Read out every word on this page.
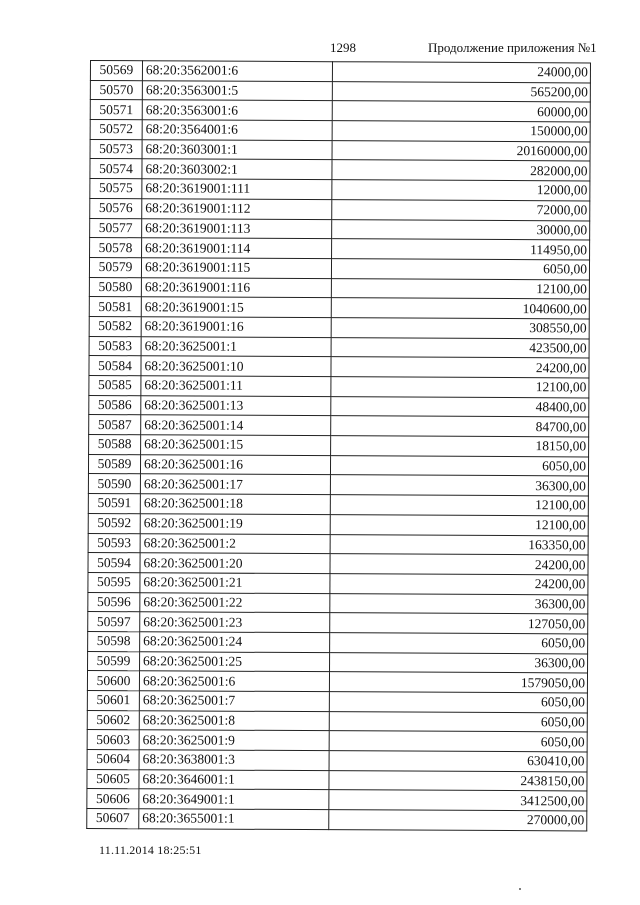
1298	Продолжение приложения №1
50569	68:20:3562001:6	24000,00
50570	68:20:3563001:5	565200,00
50571	68:20:3563001:6	60000,00
50572	68:20:3564001:6	150000,00
50573	68:20:3603001:1	20160000,00
50574	68:20:3603002:1	282000,00
50575	68:20:3619001:111	12000,00
50576	68:20:3619001:112	72000,00
50577	68:20:3619001:113	30000,00
50578	68:20:3619001:114	114950,00
50579	68:20:3619001:115	6050,00
50580	68:20:3619001:116	12100,00
50581	68:20:3619001:15	1040600,00
50582	68:20:3619001:16	308550,00
50583	68:20:3625001:1	423500,00
50584	68:20:3625001:10	24200,00
50585	68:20:3625001:11	12100,00
50586	68:20:3625001:13	48400,00
50587	68:20:3625001:14	84700,00
50588	68:20:3625001:15	18150,00
50589	68:20:3625001:16	6050,00
50590	68:20:3625001:17	36300,00
50591	68:20:3625001:18	12100,00
50592	68:20:3625001:19	12100,00
50593	68:20:3625001:2	163350,00
50594	68:20:3625001:20	24200,00
50595	68:20:3625001:21	24200,00
50596	68:20:3625001:22	36300,00
50597	68:20:3625001:23	127050,00
50598	68:20:3625001:24	6050,00
50599	68:20:3625001:25	36300,00
50600	68:20:3625001:6	1579050,00
50601	68:20:3625001:7	6050,00
50602	68:20:3625001:8	6050,00
50603	68:20:3625001:9	6050,00
50604	68:20:3638001:3	630410,00
50605	68:20:3646001:1	2438150,00
50606	68:20:3649001:1	3412500,00
50607	68:20:3655001:1	270000,00
11.11.2014 18:25:51
